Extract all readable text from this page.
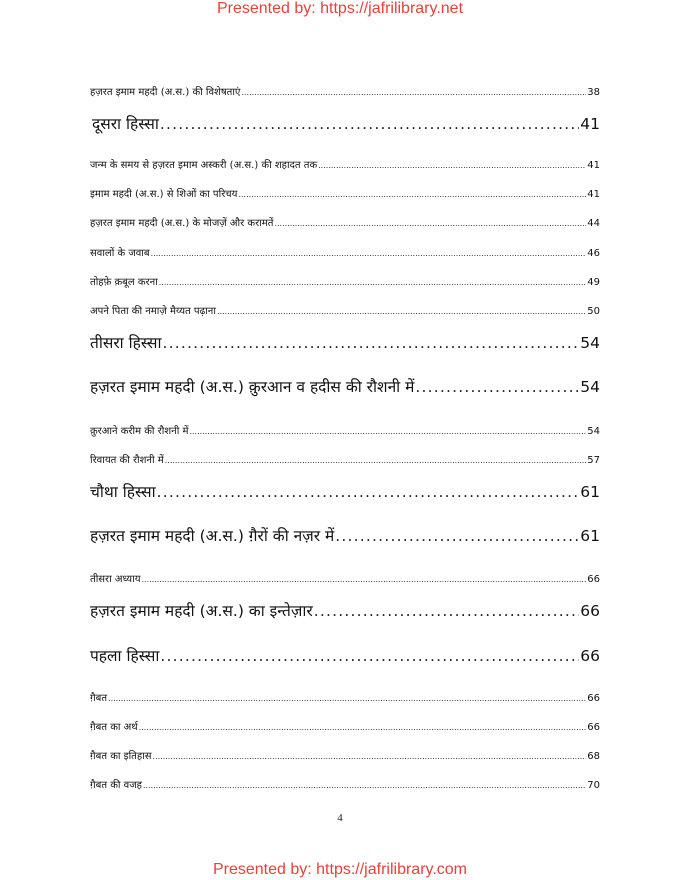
Presented by: https://jafrilibrary.net
हज़रत इमाम महदी (अ.स.) की विशेषताएं .....	38
दूसरा हिस्सा .....	41
जन्म के समय से हज़रत इमाम अस्करी (अ.स.) की शहादत तक .....	41
इमाम महदी (अ.स.) से शिओं का परिचय .....	41
हज़रत इमाम महदी (अ.स.) के मोजज़ें और करामतें .....	44
सवालों के जवाब .....	46
तोहफ़े क़बूल करना .....	49
अपने पिता की नमाज़े मैय्यत पढ़ाना .....	50
तीसरा हिस्सा .....	54
हज़रत इमाम महदी (अ.स.) क़ुरआन व हदीस की रौशनी में .....	54
क़ुरआने करीम की रौशनी में .....	54
रिवायत की रौशनी में .....	57
चौथा हिस्सा .....	61
हज़रत इमाम महदी (अ.स.) ग़ैरों की नज़र में .....	61
तीसरा अध्याय .....	66
हज़रत इमाम महदी (अ.स.) का इन्तेज़ार .....	66
पहला हिस्सा .....	66
ग़ैबत .....	66
ग़ैबत का अर्थ .....	66
ग़ैबत का इतिहास .....	68
ग़ैबत की वजह .....	70
4
Presented by: https://jafrilibrary.com
